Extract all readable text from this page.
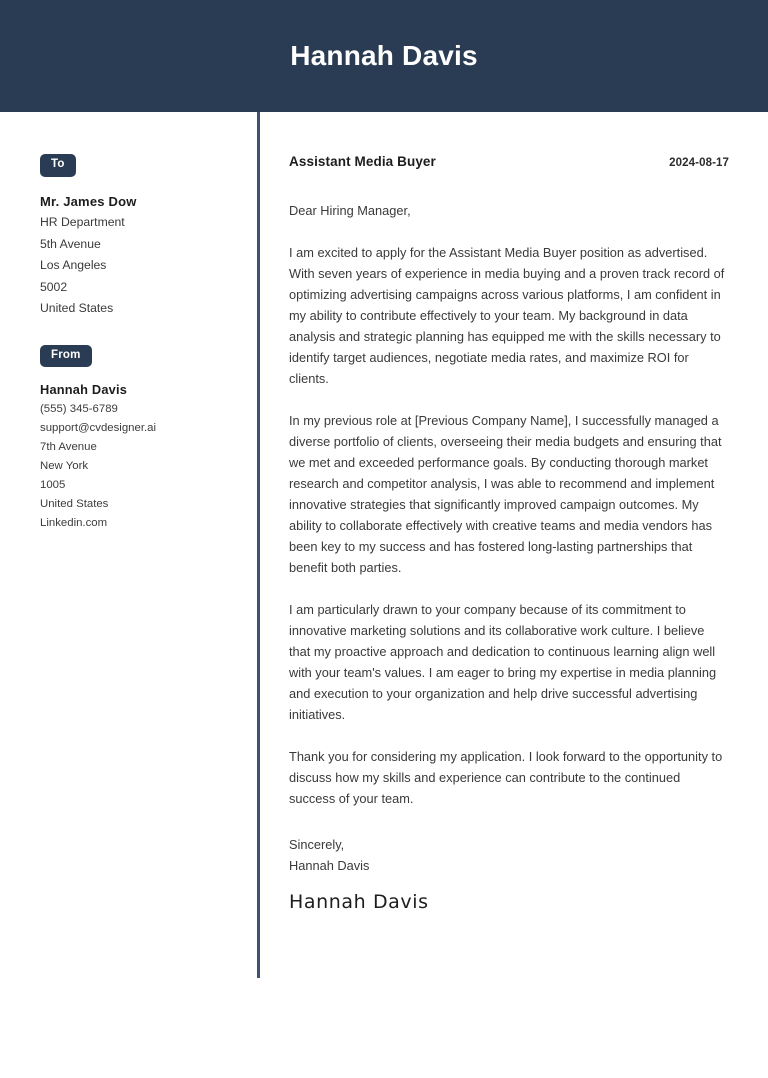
Hannah Davis
To
Mr. James Dow
HR Department
5th Avenue
Los Angeles
5002
United States
From
Hannah Davis
(555) 345-6789
support@cvdesigner.ai
7th Avenue
New York
1005
United States
Linkedin.com
Assistant Media Buyer	2024-08-17
Dear Hiring Manager,
I am excited to apply for the Assistant Media Buyer position as advertised. With seven years of experience in media buying and a proven track record of optimizing advertising campaigns across various platforms, I am confident in my ability to contribute effectively to your team. My background in data analysis and strategic planning has equipped me with the skills necessary to identify target audiences, negotiate media rates, and maximize ROI for clients.
In my previous role at [Previous Company Name], I successfully managed a diverse portfolio of clients, overseeing their media budgets and ensuring that we met and exceeded performance goals. By conducting thorough market research and competitor analysis, I was able to recommend and implement innovative strategies that significantly improved campaign outcomes. My ability to collaborate effectively with creative teams and media vendors has been key to my success and has fostered long-lasting partnerships that benefit both parties.
I am particularly drawn to your company because of its commitment to innovative marketing solutions and its collaborative work culture. I believe that my proactive approach and dedication to continuous learning align well with your team's values. I am eager to bring my expertise in media planning and execution to your organization and help drive successful advertising initiatives.
Thank you for considering my application. I look forward to the opportunity to discuss how my skills and experience can contribute to the continued success of your team.
Sincerely,
Hannah Davis
Hannah Davis
